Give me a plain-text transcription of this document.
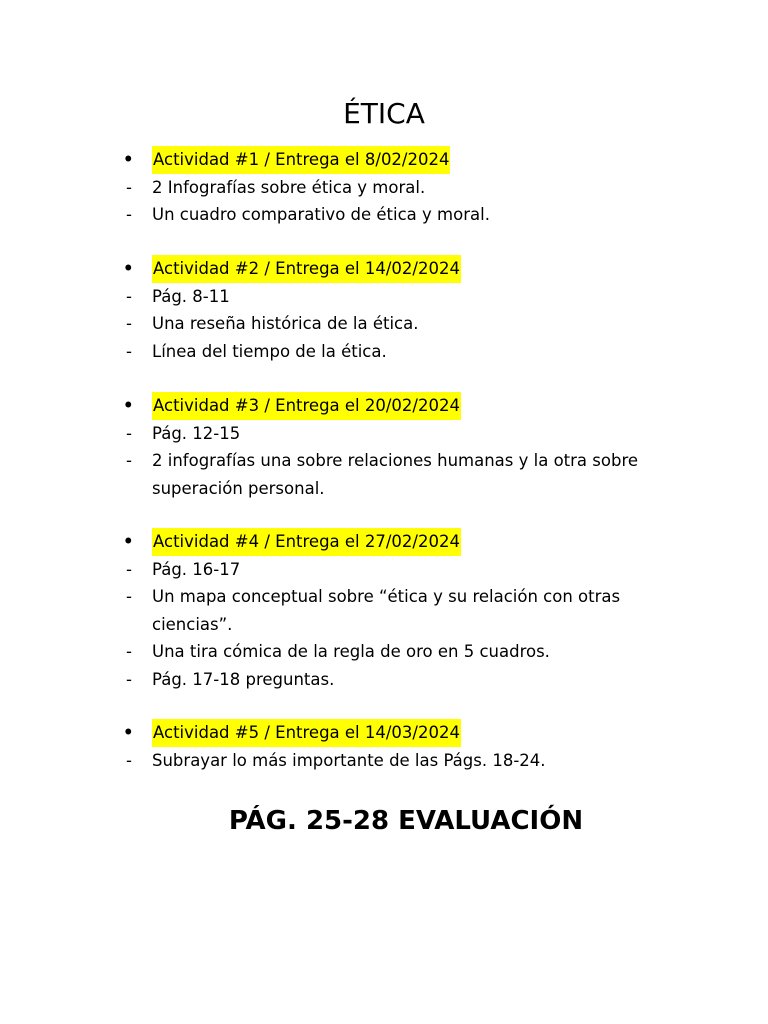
ÉTICA
•	Actividad #1 / Entrega el 8/02/2024
-	2 Infografías sobre ética y moral.
-	Un cuadro comparativo de ética y moral.
•	Actividad #2 / Entrega el 14/02/2024
-	Pág. 8-11
-	Una reseña histórica de la ética.
-	Línea del tiempo de la ética.
•	Actividad #3 / Entrega el 20/02/2024
-	Pág. 12-15
-	2 infografías una sobre relaciones humanas y la otra sobre
superación personal.
•	Actividad #4 / Entrega el 27/02/2024
-	Pág. 16-17
-	Un mapa conceptual sobre “ética y su relación con otras
ciencias”.
-	Una tira cómica de la regla de oro en 5 cuadros.
-	Pág. 17-18 preguntas.
•	Actividad #5 / Entrega el 14/03/2024
-	Subrayar lo más importante de las Págs. 18-24.
PÁG. 25-28 EVALUACIÓN
